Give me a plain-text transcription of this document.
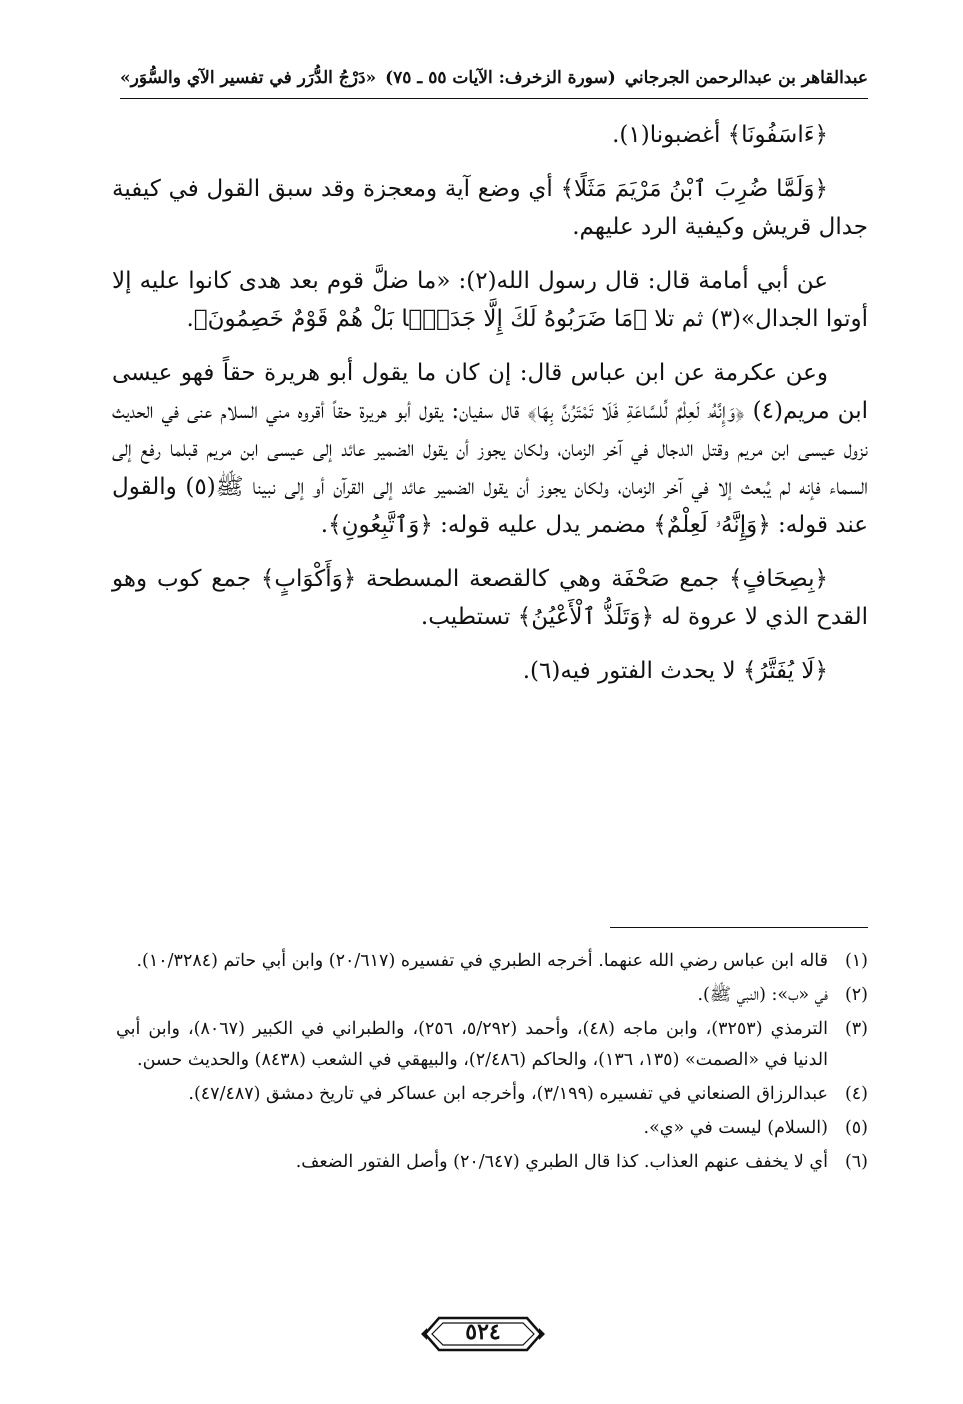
عبدالقاهر بن عبدالرحمن الجرجاني
(سورة الزخرف: الآيات ٥٥ ـ ٧٥)
«دَرْجُ الدُّرَر في تفسير الآي والسُّوَر»

﴿ءَاسَفُونَا﴾ أغضبونا(١).

﴿وَلَمَّا ضُرِبَ ٱبْنُ مَرْيَمَ مَثَلًا﴾ أي وضع آية ومعجزة وقد سبق القول في كيفية جدال قريش وكيفية الرد عليهم.

عن أبي أمامة قال: قال رسول الله(٢): «ما ضلَّ قوم بعد هدى كانوا عليه إلا أوتوا الجدال»(٣) ثم تلا ﴿مَا ضَرَبُوهُ لَكَ إِلَّا جَدَلًۢا بَلْ هُمْ قَوْمٌ خَصِمُونَ﴾.

وعن عكرمة عن ابن عباس قال: إن كان ما يقول أبو هريرة حقاً فهو عيسى ابن مريم(٤) ﴿وَإِنَّهُۥ لَعِلْمٌ لِّلسَّاعَةِ فَلَا تَمْتَرُنَّ بِهَا﴾ قال سفيان: يقول أبو هريرة حقاً أقروه مني السلام عنى في الحديث نزول عيسى ابن مريم وقتل الدجال في آخر الزمان، ولكان يجوز أن يقول الضمير عائد إلى عيسى ابن مريم قبلما رفع إلى السماء فإنه لم يُبعث إلا في آخر الزمان، ولكان يجوز أن يقول الضمير عائد إلى القرآن أو إلى نبينا ﷺ(٥) والقول عند قوله: ﴿وَإِنَّهُۥ لَعِلْمٌ﴾ مضمر يدل عليه قوله: ﴿وَٱتَّبِعُونِ﴾.

﴿بِصِحَافٍ﴾ جمع صَحْفَة وهي كالقصعة المسطحة ﴿وَأَكْوَابٍ﴾ جمع كوب وهو القدح الذي لا عروة له ﴿وَتَلَذُّ ٱلْأَعْيُنُ﴾ تستطيب.

﴿لَا يُفَتَّرُ﴾ لا يحدث الفتور فيه(٦).

(١)
قاله ابن عباس رضي الله عنهما. أخرجه الطبري في تفسيره (٢٠/٦١٧) وابن أبي حاتم (١٠/٣٢٨٤).
(٢)
في «ب»: (النبي ﷺ).
(٣)
الترمذي (٣٢٥٣)، وابن ماجه (٤٨)، وأحمد (٥/٢٩٢، ٢٥٦)، والطبراني في الكبير (٨٠٦٧)، وابن أبي الدنيا في «الصمت» (١٣٥، ١٣٦)، والحاكم (٢/٤٨٦)، والبيهقي في الشعب (٨٤٣٨) والحديث حسن.
(٤)
عبدالرزاق الصنعاني في تفسيره (٣/١٩٩)، وأخرجه ابن عساكر في تاريخ دمشق (٤٧/٤٨٧).
(٥)
(السلام) ليست في «ي».
(٦)
أي لا يخفف عنهم العذاب. كذا قال الطبري (٢٠/٦٤٧) وأصل الفتور الضعف.
٥٢٤
